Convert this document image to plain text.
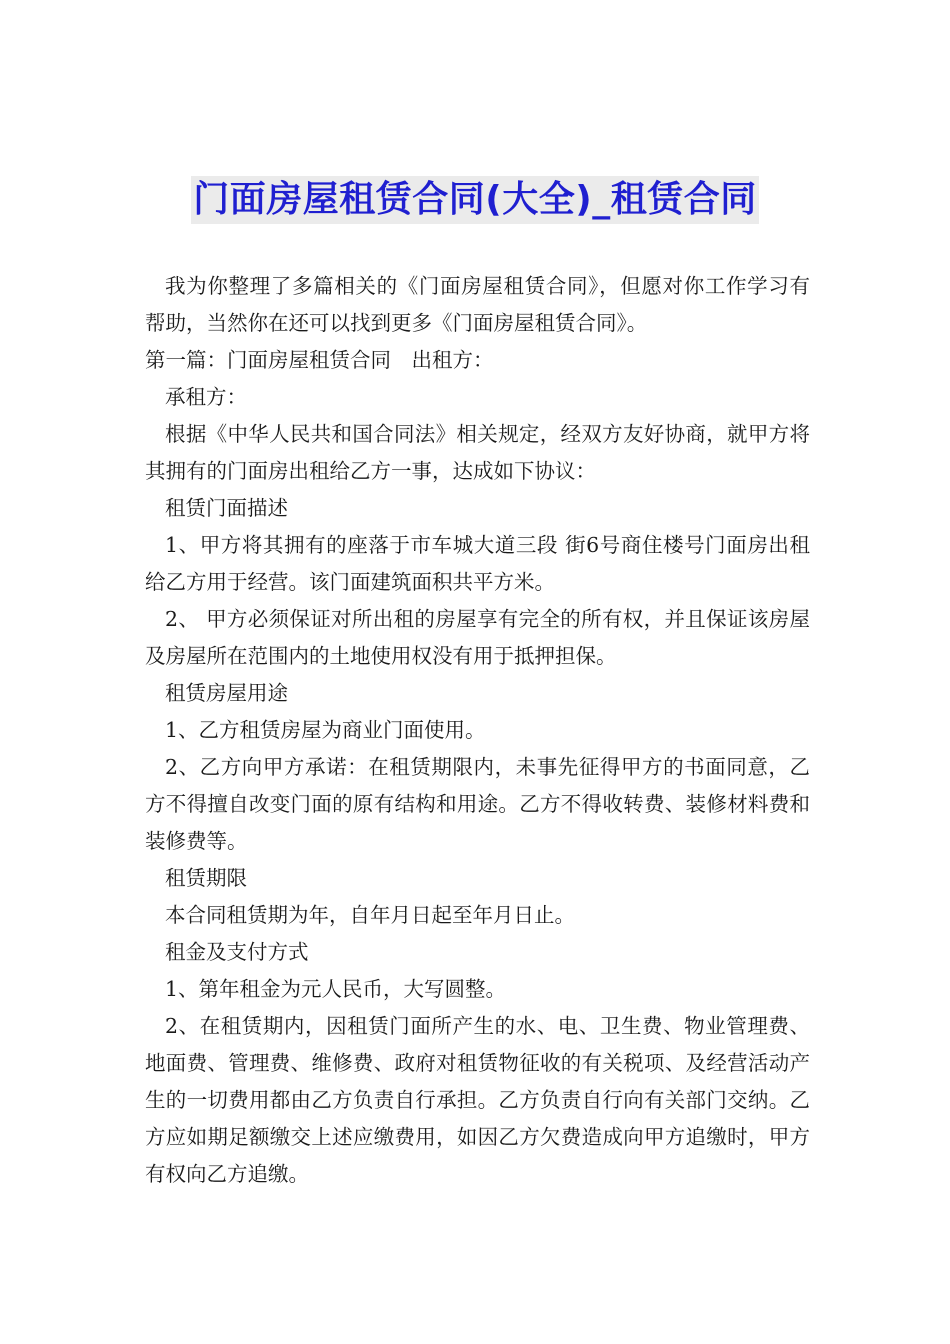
门面房屋租赁合同(大全)_租赁合同

我为你整理了多篇相关的《门面房屋租赁合同》，但愿对你工作学习有帮助，当然你在还可以找到更多《门面房屋租赁合同》。

第一篇：门面房屋租赁合同　出租方：

承租方：

根据《中华人民共和国合同法》相关规定，经双方友好协商，就甲方将其拥有的门面房出租给乙方一事，达成如下协议：

租赁门面描述

1、甲方将其拥有的座落于市车城大道三段 街6号商住楼号门面房出租给乙方用于经营。该门面建筑面积共平方米。

2、 甲方必须保证对所出租的房屋享有完全的所有权，并且保证该房屋及房屋所在范围内的土地使用权没有用于抵押担保。

租赁房屋用途

1、乙方租赁房屋为商业门面使用。

2、乙方向甲方承诺：在租赁期限内，未事先征得甲方的书面同意，乙方不得擅自改变门面的原有结构和用途。乙方不得收转费、装修材料费和装修费等。

租赁期限

本合同租赁期为年，自年月日起至年月日止。

租金及支付方式

1、第年租金为元人民币，大写圆整。

2、在租赁期内，因租赁门面所产生的水、电、卫生费、物业管理费、地面费、管理费、维修费、政府对租赁物征收的有关税项、及经营活动产生的一切费用都由乙方负责自行承担。乙方负责自行向有关部门交纳。乙方应如期足额缴交上述应缴费用，如因乙方欠费造成向甲方追缴时，甲方有权向乙方追缴。
